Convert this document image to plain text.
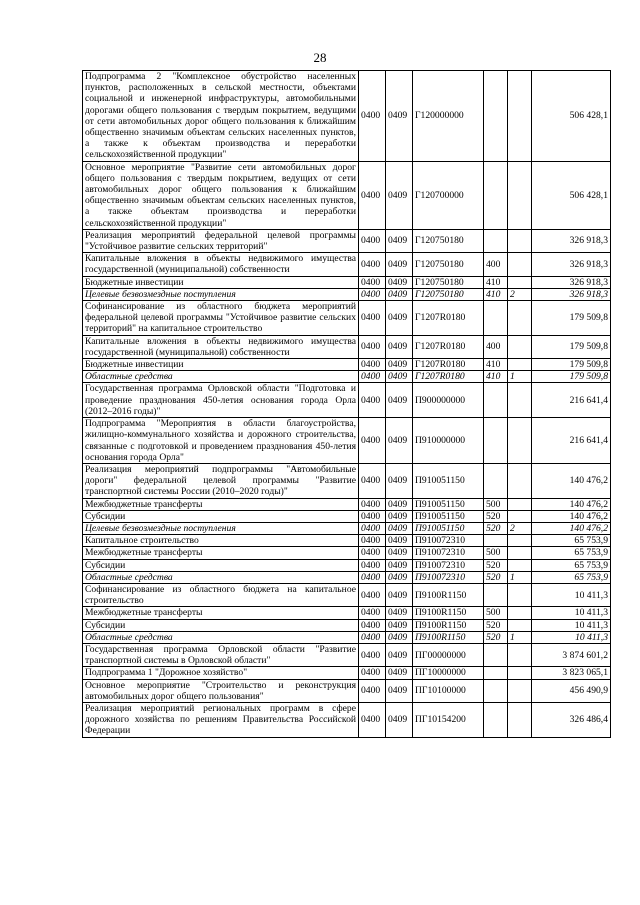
28
Подпрограмма 2 "Комплексное обустройство населенных пунктов, расположенных в сельской местности, объектами социальной и инженерной инфраструктуры, автомобильными дорогами общего пользования с твердым покрытием, ведущими от сети автомобильных дорог общего пользования к ближайшим общественно значимым объектам сельских населенных пунктов, а также к объектам производства и переработки сельскохозяйственной продукции"	0400	0409	Г120000000			506 428,1
Основное мероприятие "Развитие сети автомобильных дорог общего пользования с твердым покрытием, ведущих от сети автомобильных дорог общего пользования к ближайшим общественно значимым объектам сельских населенных пунктов, а также объектам производства и переработки сельскохозяйственной продукции"	0400	0409	Г120700000			506 428,1
Реализация мероприятий федеральной целевой программы "Устойчивое развитие сельских территорий"	0400	0409	Г120750180			326 918,3
Капитальные вложения в объекты недвижимого имущества государственной (муниципальной) собственности	0400	0409	Г120750180	400		326 918,3
Бюджетные инвестиции	0400	0409	Г120750180	410		326 918,3
Целевые безвозмездные поступления	0400	0409	Г120750180	410	2	326 918,3
Софинансирование из областного бюджета мероприятий федеральной целевой программы "Устойчивое развитие сельских территорий" на капитальное строительство	0400	0409	Г1207R0180			179 509,8
Капитальные вложения в объекты недвижимого имущества государственной (муниципальной) собственности	0400	0409	Г1207R0180	400		179 509,8
Бюджетные инвестиции	0400	0409	Г1207R0180	410		179 509,8
Областные средства	0400	0409	Г1207R0180	410	1	179 509,8
Государственная программа Орловской области "Подготовка и проведение празднования 450-летия основания города Орла (2012–2016 годы)"	0400	0409	П900000000			216 641,4
Подпрограмма "Мероприятия в области благоустройства, жилищно-коммунального хозяйства и дорожного строительства, связанные с подготовкой и проведением празднования 450-летия основания города Орла"	0400	0409	П910000000			216 641,4
Реализация мероприятий подпрограммы "Автомобильные дороги" федеральной целевой программы "Развитие транспортной системы России (2010–2020 годы)"	0400	0409	П910051150			140 476,2
Межбюджетные трансферты	0400	0409	П910051150	500		140 476,2
Субсидии	0400	0409	П910051150	520		140 476,2
Целевые безвозмездные поступления	0400	0409	П910051150	520	2	140 476,2
Капитальное строительство	0400	0409	П910072310			65 753,9
Межбюджетные трансферты	0400	0409	П910072310	500		65 753,9
Субсидии	0400	0409	П910072310	520		65 753,9
Областные средства	0400	0409	П910072310	520	1	65 753,9
Софинансирование из областного бюджета на капитальное строительство	0400	0409	П9100R1150			10 411,3
Межбюджетные трансферты	0400	0409	П9100R1150	500		10 411,3
Субсидии	0400	0409	П9100R1150	520		10 411,3
Областные средства	0400	0409	П9100R1150	520	1	10 411,3
Государственная программа Орловской области "Развитие транспортной системы в Орловской области"	0400	0409	ПГ00000000			3 874 601,2
Подпрограмма 1 "Дорожное хозяйство"	0400	0409	ПГ10000000			3 823 065,1
Основное мероприятие "Строительство и реконструкция автомобильных дорог общего пользования"	0400	0409	ПГ10100000			456 490,9
Реализация мероприятий региональных программ в сфере дорожного хозяйства по решениям Правительства Российской Федерации	0400	0409	ПГ10154200			326 486,4
